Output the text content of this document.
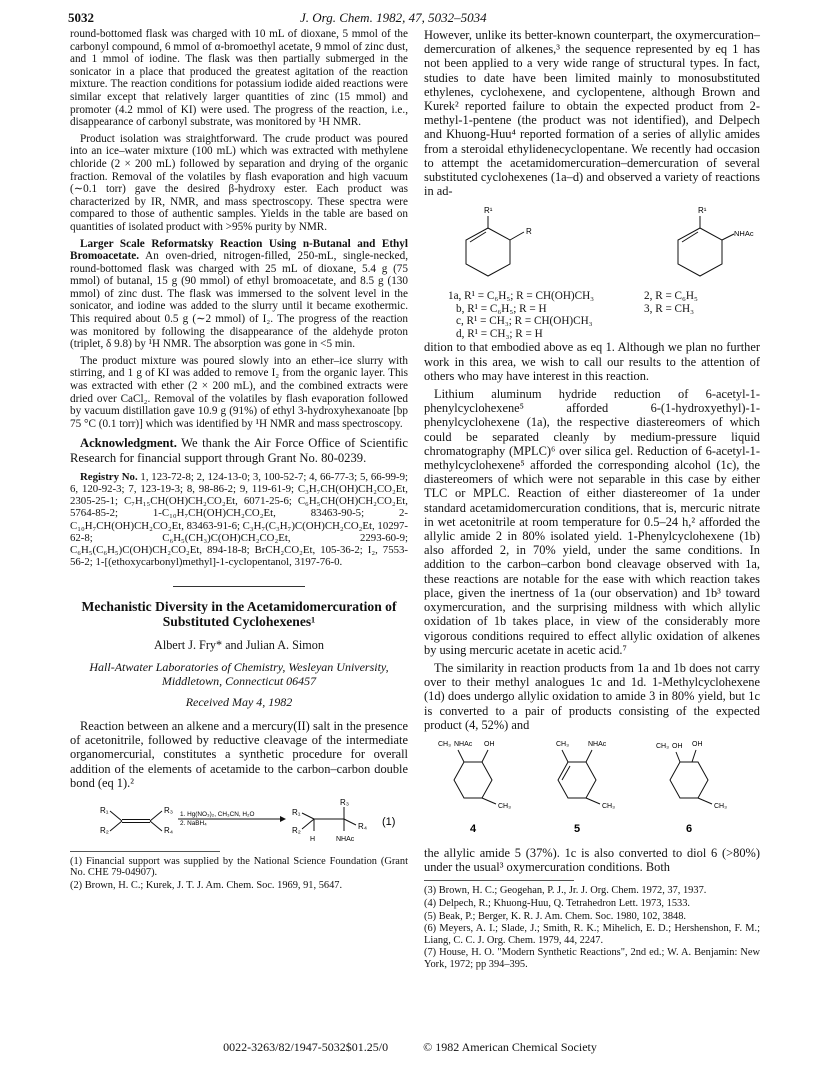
5032	J. Org. Chem. 1982, 47, 5032–5034

round-bottomed flask was charged with 10 mL of dioxane, 5 mmol of the carbonyl compound, 6 mmol of α-bromoethyl acetate, 9 mmol of zinc dust, and 1 mmol of iodine. The flask was then partially submerged in the sonicator in a place that produced the greatest agitation of the reaction mixture. The reaction conditions for potassium iodide aided reactions were similar except that relatively larger quantities of zinc (15 mmol) and promoter (4.2 mmol of KI) were used. The progress of the reaction, i.e., disappearance of carbonyl substrate, was monitored by ¹H NMR.

Product isolation was straightforward. The crude product was poured into an ice–water mixture (100 mL) which was extracted with methylene chloride (2 × 200 mL) followed by separation and drying of the organic fraction. Removal of the volatiles by flash evaporation and high vacuum (∼0.1 torr) gave the desired β-hydroxy ester. Each product was characterized by IR, NMR, and mass spectroscopy. These spectra were compared to those of authentic samples. Yields in the table are based on quantities of isolated product with >95% purity by NMR.

Larger Scale Reformatsky Reaction Using n-Butanal and Ethyl Bromoacetate. An oven-dried, nitrogen-filled, 250-mL, single-necked, round-bottomed flask was charged with 25 mL of dioxane, 5.4 g (75 mmol) of butanal, 15 g (90 mmol) of ethyl bromoacetate, and 8.5 g (130 mmol) of zinc dust. The flask was immersed to the solvent level in the sonicator, and iodine was added to the slurry until it became exothermic. This required about 0.5 g (∼2 mmol) of I₂. The progress of the reaction was monitored by following the disappearance of the aldehyde proton (triplet, δ 9.8) by ¹H NMR. The absorption was gone in <5 min.

The product mixture was poured slowly into an ether–ice slurry with stirring, and 1 g of KI was added to remove I₂ from the organic layer. This was extracted with ether (2 × 200 mL), and the combined extracts were dried over CaCl₂. Removal of the volatiles by flash evaporation followed by vacuum distillation gave 10.9 g (91%) of ethyl 3-hydroxyhexanoate [bp 75 °C (0.1 torr)] which was identified by ¹H NMR and mass spectroscopy.

Acknowledgment. We thank the Air Force Office of Scientific Research for financial support through Grant No. 80-0239.

Registry No. 1, 123-72-8; 2, 124-13-0; 3, 100-52-7; 4, 66-77-3; 5, 66-99-9; 6, 120-92-3; 7, 123-19-3; 8, 98-86-2; 9, 119-61-9; C₃H₇CH(OH)CH₂CO₂Et, 2305-25-1; C₇H₁₅CH(OH)CH₂CO₂Et, 6071-25-6; C₆H₅CH(OH)CH₂CO₂Et, 5764-85-2; 1-C₁₀H₇CH(OH)CH₂CO₂Et, 83463-90-5; 2-C₁₀H₇CH(OH)CH₂CO₂Et, 83463-91-6; C₃H₇(C₃H₇)C(OH)CH₂CO₂Et, 10297-62-8; C₆H₅(CH₃)C(OH)CH₂CO₂Et, 2293-60-9; C₆H₅(C₆H₅)C(OH)CH₂CO₂Et, 894-18-8; BrCH₂CO₂Et, 105-36-2; I₂, 7553-56-2; 1-[(ethoxycarbonyl)methyl]-1-cyclopentanol, 3197-76-0.

Mechanistic Diversity in the Acetamidomercuration of Substituted Cyclohexenes¹
Albert J. Fry* and Julian A. Simon
Hall-Atwater Laboratories of Chemistry, Wesleyan University, Middletown, Connecticut 06457
Received May 4, 1982

Reaction between an alkene and a mercury(II) salt in the presence of acetonitrile, followed by reductive cleavage of the intermediate organomercurial, constitutes a synthetic procedure for overall addition of the elements of acetamide to the carbon–carbon double bond (eq 1).²

R₁
R₂
R₃
R₄
1. Hg(NO₃)₂, CH₃CN, H₂O
2. NaBH₄
R₁
R₂
R₃
R₄
H	NHAc
(1)
(1) Financial support was supplied by the National Science Foundation (Grant No. CHE 79-04907).
(2) Brown, H. C.; Kurek, J. T. J. Am. Chem. Soc. 1969, 91, 5647.

However, unlike its better-known counterpart, the oxymercuration–demercuration of alkenes,³ the sequence represented by eq 1 has not been applied to a very wide range of structural types. In fact, studies to date have been limited mainly to monosubstituted ethylenes, cyclohexene, and cyclopentene, although Brown and Kurek² reported failure to obtain the expected product from 2-methyl-1-pentene (the product was not identified), and Delpech and Khuong-Huu⁴ reported formation of a series of allylic amides from a steroidal ethylidenecyclopentane. We recently had occasion to attempt the acetamidomercuration–demercuration of several substituted cyclohexenes (1a–d) and observed a variety of reactions in ad-

R¹
R
R¹
NHAc
1a, R¹ = C₆H₅; R = CH(OH)CH₃
b, R¹ = C₆H₅; R = H
c, R¹ = CH₃; R = CH(OH)CH₃
d, R¹ = CH₃; R = H
2, R = C₆H₅
3, R = CH₃

dition to that embodied above as eq 1. Although we plan no further work in this area, we wish to call our results to the attention of others who may have interest in this reaction.

Lithium aluminum hydride reduction of 6-acetyl-1-phenylcyclohexene⁵ afforded 6-(1-hydroxyethyl)-1-phenylcyclohexene (1a), the respective diastereomers of which could be separated cleanly by medium-pressure liquid chromatography (MPLC)⁶ over silica gel. Reduction of 6-acetyl-1-methylcyclohexene⁵ afforded the corresponding alcohol (1c), the diastereomers of which were not separable in this case by either TLC or MPLC. Reaction of either diastereomer of 1a under standard acetamidomercuration conditions, that is, mercuric nitrate in wet acetonitrile at room temperature for 0.5–24 h,² afforded the allylic amide 2 in 80% isolated yield. 1-Phenylcyclohexene (1b) also afforded 2, in 70% yield, under the same conditions. In addition to the carbon–carbon bond cleavage observed with 1a, these reactions are notable for the ease with which reaction takes place, given the inertness of 1a (our observation) and 1b³ toward oxymercuration, and the surprising mildness with which allylic oxidation of 1b takes place, in view of the considerably more vigorous conditions required to effect allylic oxidation of alkenes by using mercuric acetate in acetic acid.⁷

The similarity in reaction products from 1a and 1b does not carry over to their methyl analogues 1c and 1d. 1-Methylcyclohexene (1d) does undergo allylic oxidation to amide 3 in 80% yield, but 1c is converted to a pair of products consisting of the expected product (4, 52%) and

CH₃ NHAc OH
CH₃
4
CH₃	NHAc
CH₃
5
CH₃ OH OH
CH₃
6

the allylic amide 5 (37%). 1c is also converted to diol 6 (>80%) under the usual³ oxymercuration conditions. Both

(3) Brown, H. C.; Geogehan, P. J., Jr. J. Org. Chem. 1972, 37, 1937.
(4) Delpech, R.; Khuong-Huu, Q. Tetrahedron Lett. 1973, 1533.
(5) Beak, P.; Berger, K. R. J. Am. Chem. Soc. 1980, 102, 3848.
(6) Meyers, A. I.; Slade, J.; Smith, R. K.; Mihelich, E. D.; Hershenshon, F. M.; Liang, C. C. J. Org. Chem. 1979, 44, 2247.
(7) House, H. O. "Modern Synthetic Reactions", 2nd ed.; W. A. Benjamin: New York, 1972; pp 394–395.
0022-3263/82/1947-5032$01.25/0	© 1982 American Chemical Society
